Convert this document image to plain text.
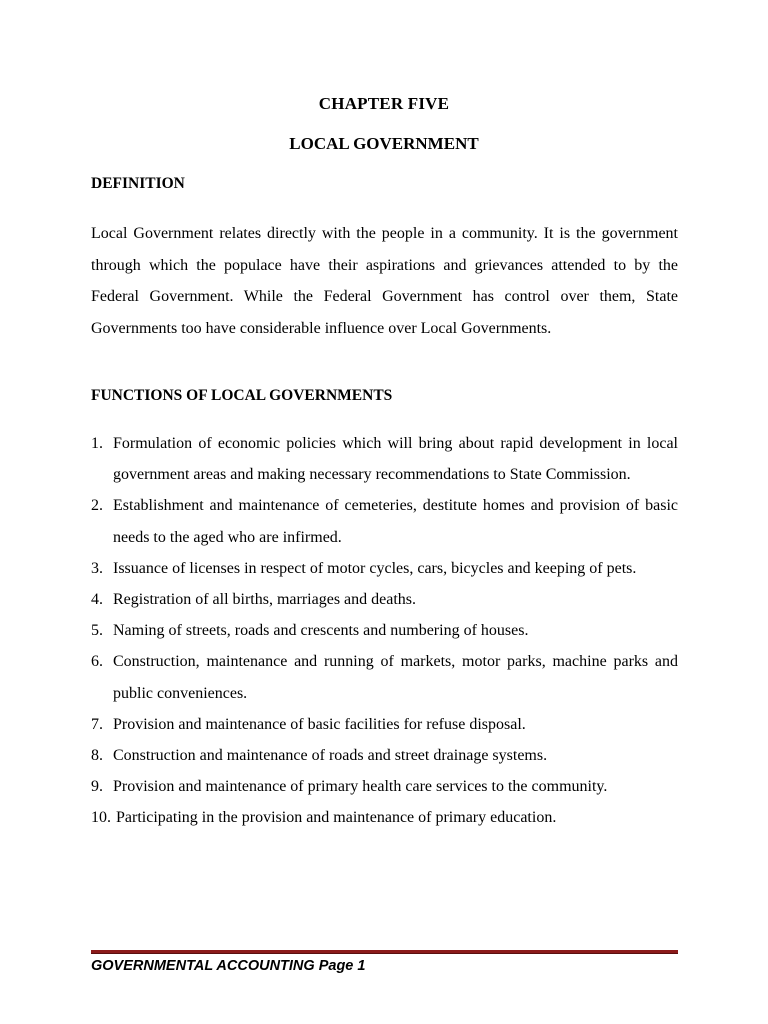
CHAPTER FIVE
LOCAL GOVERNMENT
DEFINITION

Local Government relates directly with the people in a community. It is the government through which the populace have their aspirations and grievances attended to by the Federal Government. While the Federal Government has control over them, State Governments too have considerable influence over Local Governments.

FUNCTIONS OF LOCAL GOVERNMENTS
1. Formulation of economic policies which will bring about rapid development in local government areas and making necessary recommendations to State Commission.
2. Establishment and maintenance of cemeteries, destitute homes and provision of basic needs to the aged who are infirmed.
3. Issuance of licenses in respect of motor cycles, cars, bicycles and keeping of pets.
4. Registration of all births, marriages and deaths.
5. Naming of streets, roads and crescents and numbering of houses.
6. Construction, maintenance and running of markets, motor parks, machine parks and public conveniences.
7. Provision and maintenance of basic facilities for refuse disposal.
8. Construction and maintenance of roads and street drainage systems.
9. Provision and maintenance of primary health care services to the community.
10. Participating in the provision and maintenance of primary education.
GOVERNMENTAL ACCOUNTING Page 1
